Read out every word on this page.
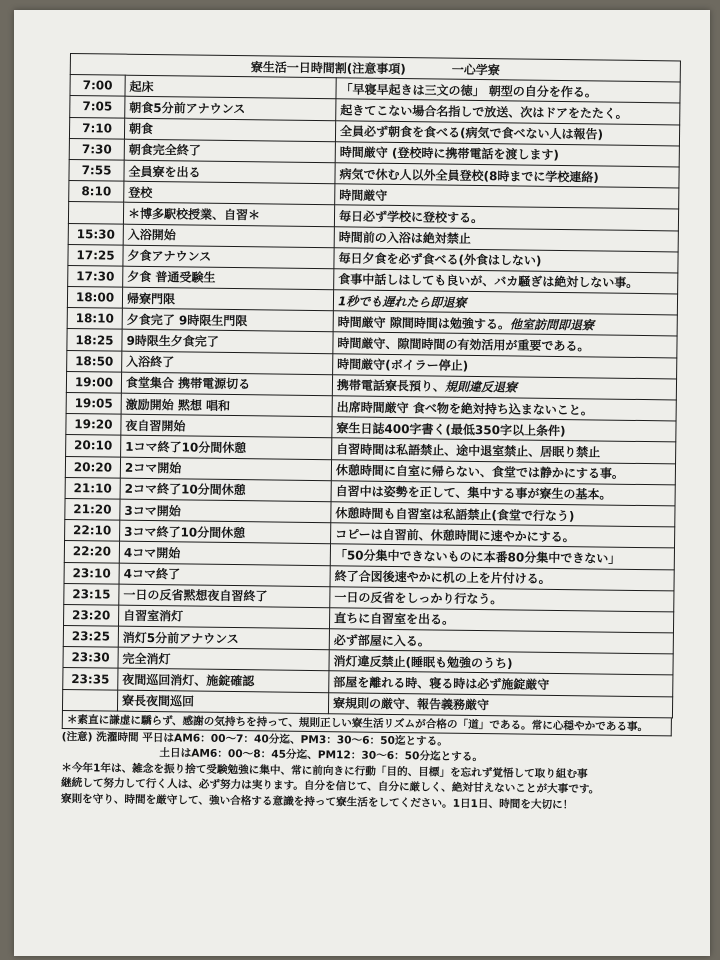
寮生活一日時間割(注意事項) 一心学寮		
7:00	起床	「早寝早起きは三文の徳」 朝型の自分を作る。
7:05	朝食5分前アナウンス	起きてこない場合名指しで放送、次はドアをたたく。
7:10	朝食	全員必ず朝食を食べる(病気で食べない人は報告)
7:30	朝食完全終了	時間厳守 (登校時に携帯電話を渡します)
7:55	全員寮を出る	病気で休む人以外全員登校(8時までに学校連絡)
8:10	登校	時間厳守
	＊博多駅校授業、自習＊	毎日必ず学校に登校する。
15:30	入浴開始	時間前の入浴は絶対禁止
17:25	夕食アナウンス	毎日夕食を必ず食べる(外食はしない)
17:30	夕食 普通受験生	食事中話しはしても良いが、バカ騒ぎは絶対しない事。
18:00	帰寮門限	1秒でも遅れたら即退寮
18:10	夕食完了 9時限生門限	時間厳守 隙間時間は勉強する。他室訪問即退寮
18:25	9時限生夕食完了	時間厳守、隙間時間の有効活用が重要である。
18:50	入浴終了	時間厳守(ボイラー停止)
19:00	食堂集合 携帯電源切る	携帯電話寮長預り、規則違反退寮
19:05	激励開始 黙想 唱和	出席時間厳守 食べ物を絶対持ち込まないこと。
19:20	夜自習開始	寮生日誌400字書く(最低350字以上条件)
20:10	1コマ終了10分間休憩	自習時間は私語禁止、途中退室禁止、居眠り禁止
20:20	2コマ開始	休憩時間に自室に帰らない、食堂では静かにする事。
21:10	2コマ終了10分間休憩	自習中は姿勢を正して、集中する事が寮生の基本。
21:20	3コマ開始	休憩時間も自習室は私語禁止(食堂で行なう)
22:10	3コマ終了10分間休憩	コピーは自習前、休憩時間に速やかにする。
22:20	4コマ開始	「50分集中できないものに本番80分集中できない」
23:10	4コマ終了	終了合図後速やかに机の上を片付ける。
23:15	一日の反省黙想夜自習終了	一日の反省をしっかり行なう。
23:20	自習室消灯	直ちに自習室を出る。
23:25	消灯5分前アナウンス	必ず部屋に入る。
23:30	完全消灯	消灯違反禁止(睡眠も勉強のうち)
23:35	夜間巡回消灯、施錠確認	部屋を離れる時、寝る時は必ず施錠厳守
	寮長夜間巡回	寮規則の厳守、報告義務厳守
＊素直に謙虚に驕らず、感謝の気持ちを持って、規則正しい寮生活リズムが合格の「道」である。常に心穏やかである事。

(注意) 洗濯時間 平日はAM6：00～7：40分迄、PM3：30～6：50迄とする。

土日はAM6：00～8：45分迄、PM12：30～6：50分迄とする。

＊今年1年は、雑念を振り捨て受験勉強に集中、常に前向きに行動「目的、目標」を忘れず覚悟して取り組む事

継続して努力して行く人は、必ず努力は実ります。自分を信じて、自分に厳しく、絶対甘えないことが大事です。

寮則を守り、時間を厳守して、強い合格する意識を持って寮生活をしてください。1日1日、時間を大切に！
